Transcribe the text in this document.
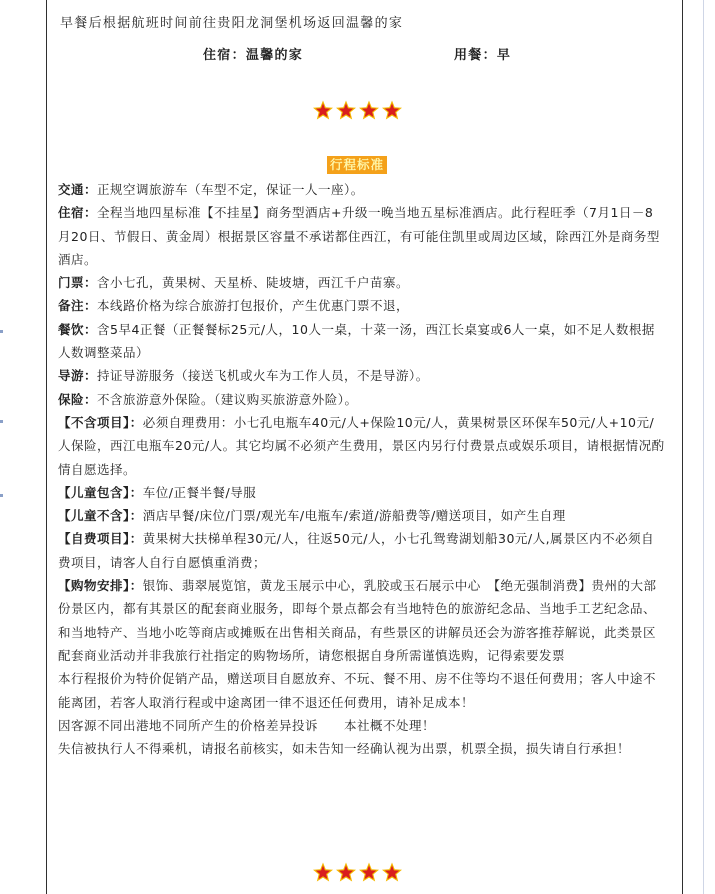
早餐后根据航班时间前往贵阳龙洞堡机场返回温馨的家
住宿：温馨的家	用餐：早
行程标准

交通：正规空调旅游车（车型不定，保证一人一座）。

住宿：全程当地四星标准【不挂星】商务型酒店+升级一晚当地五星标准酒店。此行程旺季（7月1日－8月20日、节假日、黄金周）根据景区容量不承诺都住西江，有可能住凯里或周边区域，除西江外是商务型酒店。

门票：含小七孔，黄果树、天星桥、陡坡塘，西江千户苗寨。

备注：本线路价格为综合旅游打包报价，产生优惠门票不退，

餐饮：含5早4正餐（正餐餐标25元/人，10人一桌，十菜一汤，西江长桌宴或6人一桌，如不足人数根据人数调整菜品）

导游：持证导游服务（接送飞机或火车为工作人员，不是导游）。

保险：不含旅游意外保险。（建议购买旅游意外险）。

【不含项目】：必须自理费用：小七孔电瓶车40元/人+保险10元/人，黄果树景区环保车50元/人+10元/人保险，西江电瓶车20元/人。其它均属不必须产生费用，景区内另行付费景点或娱乐项目，请根据情况酌情自愿选择。

【儿童包含】：车位/正餐半餐/导服

【儿童不含】：酒店早餐/床位/门票/观光车/电瓶车/索道/游船费等/赠送项目，如产生自理

【自费项目】：黄果树大扶梯单程30元/人，往返50元/人，小七孔鸳鸯湖划船30元/人,属景区内不必须自费项目，请客人自行自愿慎重消费；

【购物安排】：银饰、翡翠展览馆，黄龙玉展示中心，乳胶或玉石展示中心　【绝无强制消费】贵州的大部份景区内，都有其景区的配套商业服务，即每个景点都会有当地特色的旅游纪念品、当地手工艺纪念品、和当地特产、当地小吃等商店或摊贩在出售相关商品，有些景区的讲解员还会为游客推荐解说，此类景区配套商业活动并非我旅行社指定的购物场所，请您根据自身所需谨慎选购，记得索要发票

本行程报价为特价促销产品，赠送项目自愿放弃、不玩、餐不用、房不住等均不退任何费用；客人中途不能离团，若客人取消行程或中途离团一律不退还任何费用，请补足成本！

因客源不同出港地不同所产生的价格差异投诉　　本社概不处理！

失信被执行人不得乘机，请报名前核实，如未告知一经确认视为出票，机票全损，损失请自行承担！
